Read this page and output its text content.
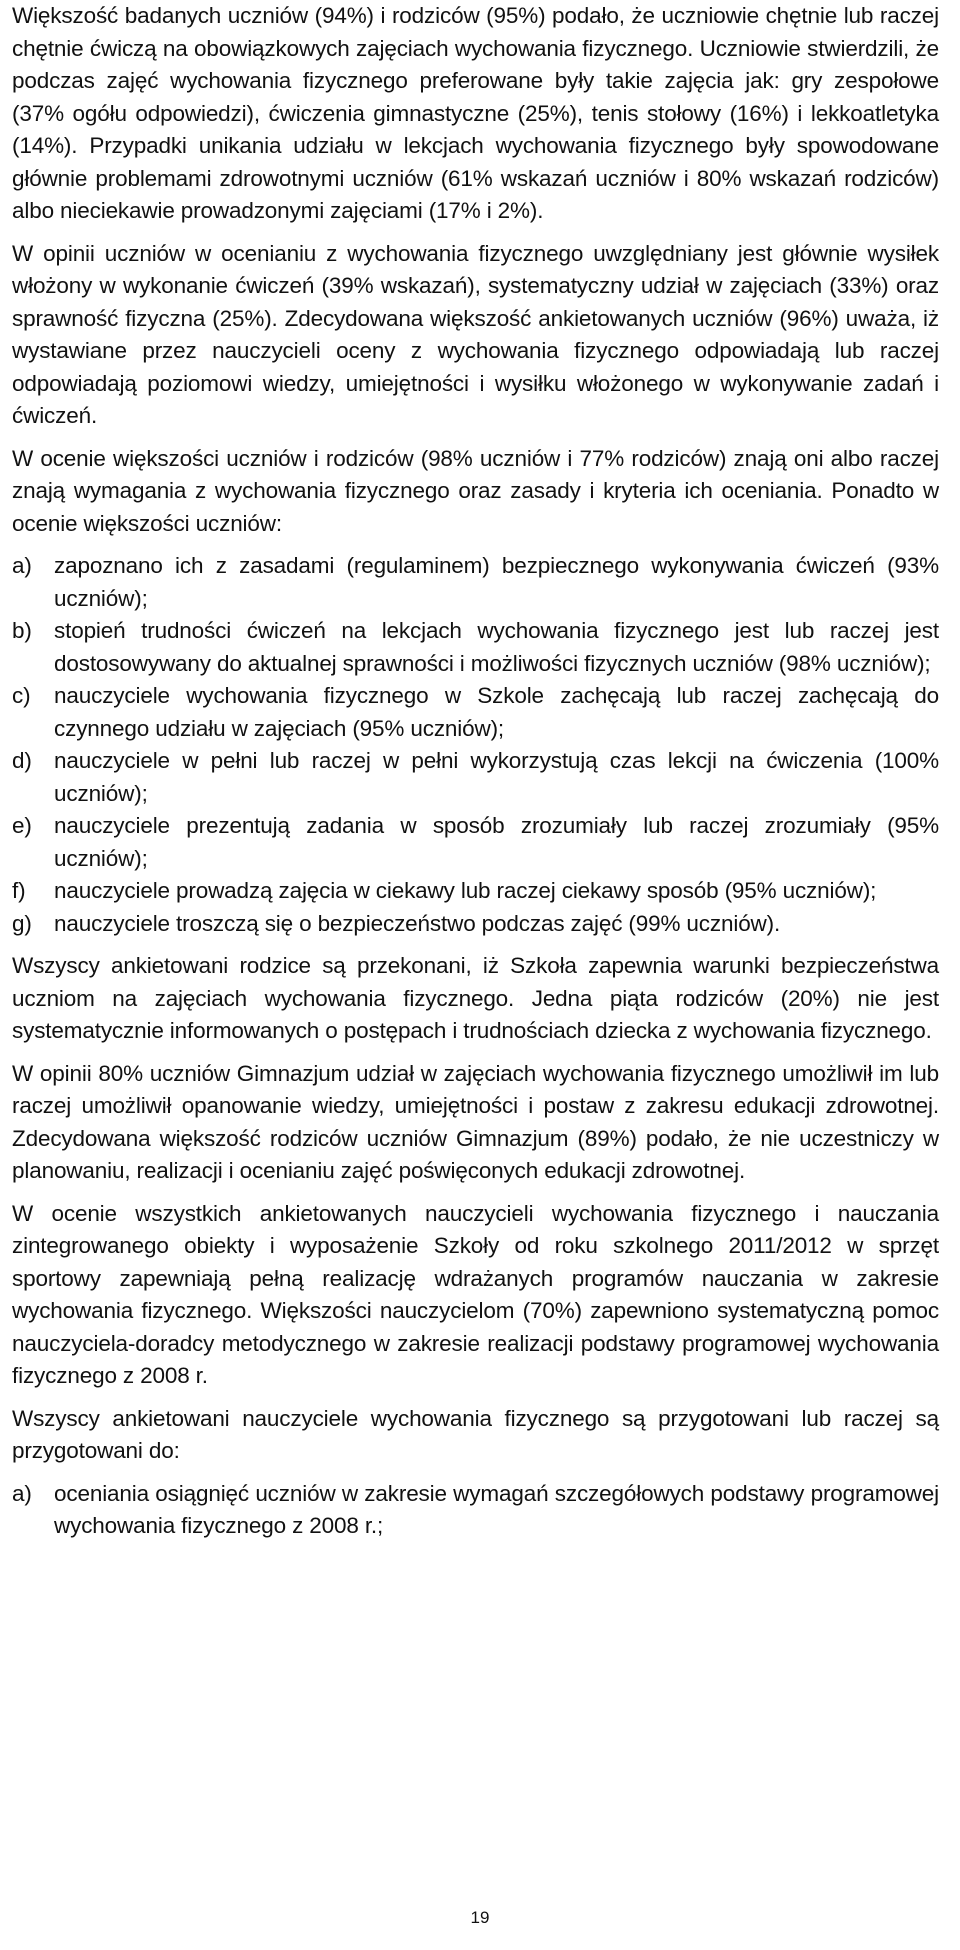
Większość badanych uczniów (94%) i rodziców (95%) podało, że uczniowie chętnie lub raczej chętnie ćwiczą na obowiązkowych zajęciach wychowania fizycznego. Uczniowie stwierdzili, że podczas zajęć wychowania fizycznego preferowane były takie zajęcia jak: gry zespołowe (37% ogółu odpowiedzi), ćwiczenia gimnastyczne (25%), tenis stołowy (16%) i lekkoatletyka (14%). Przypadki unikania udziału w lekcjach wychowania fizycznego były spowodowane głównie problemami zdrowotnymi uczniów (61% wskazań uczniów i 80% wskazań rodziców) albo nieciekawie prowadzonymi zajęciami (17% i 2%).

W opinii uczniów w ocenianiu z wychowania fizycznego uwzględniany jest głównie wysiłek włożony w wykonanie ćwiczeń (39% wskazań), systematyczny udział w zajęciach (33%) oraz sprawność fizyczna (25%). Zdecydowana większość ankietowanych uczniów (96%) uważa, iż wystawiane przez nauczycieli oceny z wychowania fizycznego odpowiadają lub raczej odpowiadają poziomowi wiedzy, umiejętności i wysiłku włożonego w wykonywanie zadań i ćwiczeń.

W ocenie większości uczniów i rodziców (98% uczniów i 77% rodziców) znają oni albo raczej znają wymagania z wychowania fizycznego oraz zasady i kryteria ich oceniania. Ponadto w ocenie większości uczniów:

a) zapoznano ich z zasadami (regulaminem) bezpiecznego wykonywania ćwiczeń (93% uczniów);
b) stopień trudności ćwiczeń na lekcjach wychowania fizycznego jest lub raczej jest dostosowywany do aktualnej sprawności i możliwości fizycznych uczniów (98% uczniów);
c)	nauczyciele wychowania fizycznego w Szkole zachęcają lub raczej zachęcają do czynnego udziału w zajęciach (95% uczniów);
d) nauczyciele w pełni lub raczej w pełni wykorzystują czas lekcji na ćwiczenia (100% uczniów);
e) nauczyciele prezentują zadania w sposób zrozumiały lub raczej zrozumiały (95% uczniów);
f)	nauczyciele prowadzą zajęcia w ciekawy lub raczej ciekawy sposób (95% uczniów);
g) nauczyciele troszczą się o bezpieczeństwo podczas zajęć (99% uczniów).

Wszyscy ankietowani rodzice są przekonani, iż Szkoła zapewnia warunki bezpieczeństwa uczniom na zajęciach wychowania fizycznego. Jedna piąta rodziców (20%) nie jest systematycznie informowanych o postępach i trudnościach dziecka z wychowania fizycznego.

W opinii 80% uczniów Gimnazjum udział w zajęciach wychowania fizycznego umożliwił im lub raczej umożliwił opanowanie wiedzy, umiejętności i postaw z zakresu edukacji zdrowotnej. Zdecydowana większość rodziców uczniów Gimnazjum (89%) podało, że nie uczestniczy w planowaniu, realizacji i ocenianiu zajęć poświęconych edukacji zdrowotnej.

W ocenie wszystkich ankietowanych nauczycieli wychowania fizycznego i nauczania zintegrowanego obiekty i wyposażenie Szkoły od roku szkolnego 2011/2012 w sprzęt sportowy zapewniają pełną realizację wdrażanych programów nauczania w zakresie wychowania fizycznego. Większości nauczycielom (70%) zapewniono systematyczną pomoc nauczyciela-doradcy metodycznego w zakresie realizacji podstawy programowej wychowania fizycznego z 2008 r.

Wszyscy ankietowani nauczyciele wychowania fizycznego są przygotowani lub raczej są przygotowani do:

a) oceniania osiągnięć uczniów w zakresie wymagań szczegółowych podstawy programowej wychowania fizycznego z 2008 r.;
19
